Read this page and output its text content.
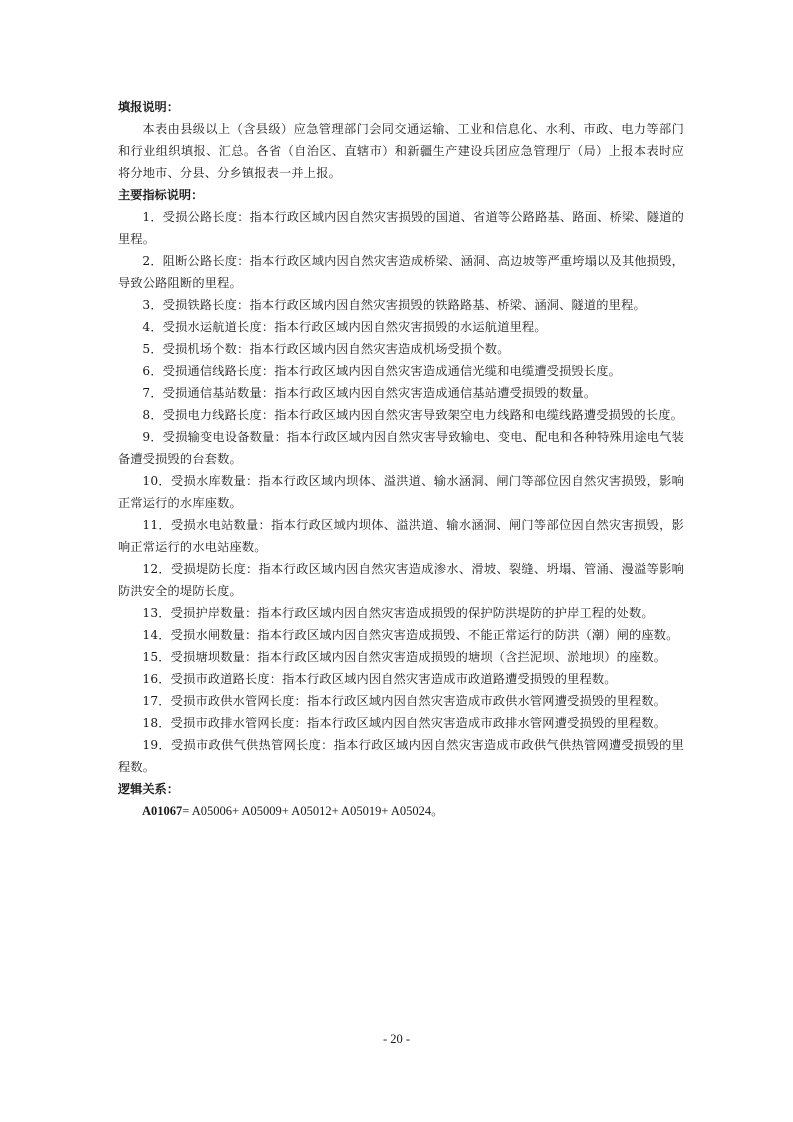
填报说明：

本表由县级以上（含县级）应急管理部门会同交通运输、工业和信息化、水利、市政、电力等部门和行业组织填报、汇总。各省（自治区、直辖市）和新疆生产建设兵团应急管理厅（局）上报本表时应将分地市、分县、分乡镇报表一并上报。

主要指标说明：

1．受损公路长度：指本行政区域内因自然灾害损毁的国道、省道等公路路基、路面、桥梁、隧道的里程。

2．阻断公路长度：指本行政区域内因自然灾害造成桥梁、涵洞、高边坡等严重垮塌以及其他损毁，导致公路阻断的里程。

3．受损铁路长度：指本行政区域内因自然灾害损毁的铁路路基、桥梁、涵洞、隧道的里程。

4．受损水运航道长度：指本行政区域内因自然灾害损毁的水运航道里程。

5．受损机场个数：指本行政区域内因自然灾害造成机场受损个数。

6．受损通信线路长度：指本行政区域内因自然灾害造成通信光缆和电缆遭受损毁长度。

7．受损通信基站数量：指本行政区域内因自然灾害造成通信基站遭受损毁的数量。

8．受损电力线路长度：指本行政区域内因自然灾害导致架空电力线路和电缆线路遭受损毁的长度。

9．受损输变电设备数量：指本行政区域内因自然灾害导致输电、变电、配电和各种特殊用途电气装备遭受损毁的台套数。

10．受损水库数量：指本行政区域内坝体、溢洪道、输水涵洞、闸门等部位因自然灾害损毁，影响正常运行的水库座数。

11．受损水电站数量：指本行政区域内坝体、溢洪道、输水涵洞、闸门等部位因自然灾害损毁，影响正常运行的水电站座数。

12．受损堤防长度：指本行政区域内因自然灾害造成渗水、滑坡、裂缝、坍塌、管涌、漫溢等影响防洪安全的堤防长度。

13．受损护岸数量：指本行政区域内因自然灾害造成损毁的保护防洪堤防的护岸工程的处数。

14．受损水闸数量：指本行政区域内因自然灾害造成损毁、不能正常运行的防洪（潮）闸的座数。

15．受损塘坝数量：指本行政区域内因自然灾害造成损毁的塘坝（含拦泥坝、淤地坝）的座数。

16．受损市政道路长度：指本行政区域内因自然灾害造成市政道路遭受损毁的里程数。

17．受损市政供水管网长度：指本行政区域内因自然灾害造成市政供水管网遭受损毁的里程数。

18．受损市政排水管网长度：指本行政区域内因自然灾害造成市政排水管网遭受损毁的里程数。

19．受损市政供气供热管网长度：指本行政区域内因自然灾害造成市政供气供热管网遭受损毁的里程数。

逻辑关系：

A01067= A05006+ A05009+ A05012+ A05019+ A05024。

- 20 -
